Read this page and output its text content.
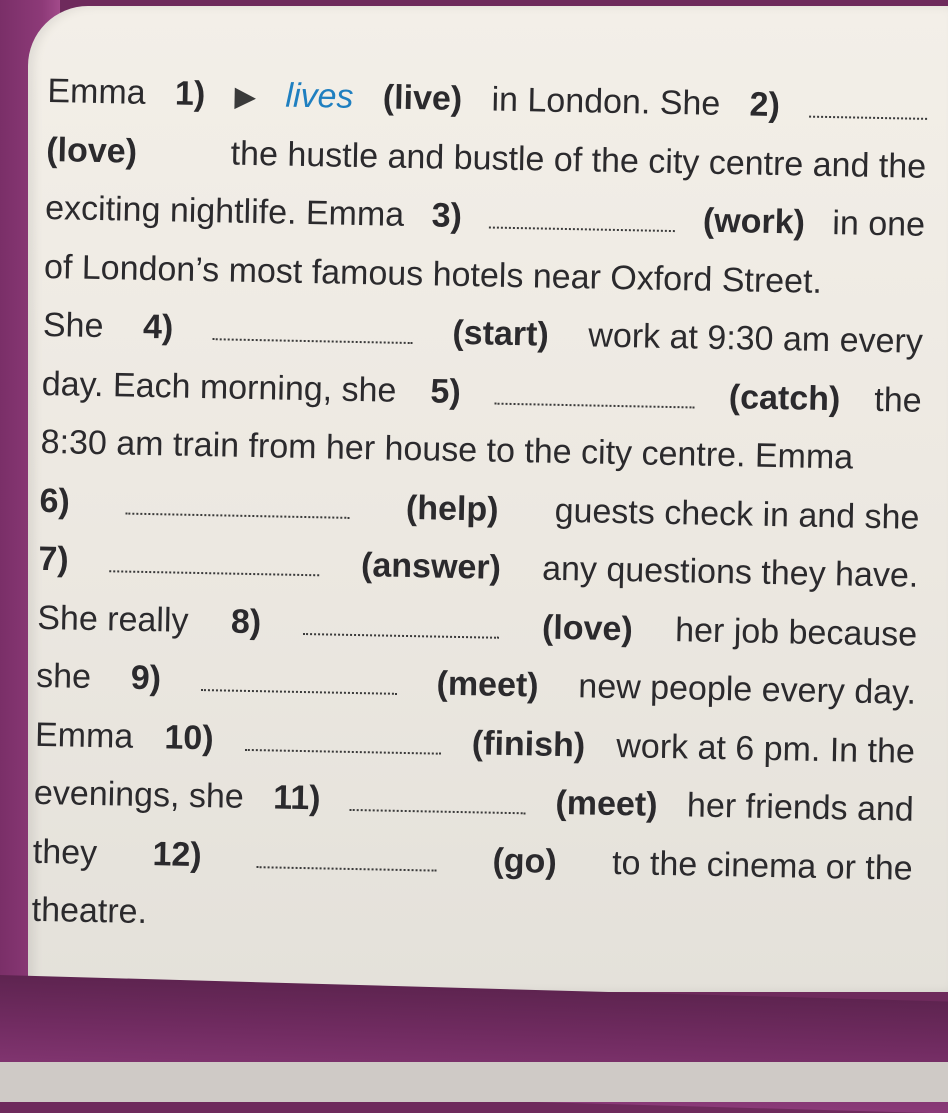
Emma 1) ▶ lives (live) in London. She 2)
(love)	the hustle and bustle of the city centre and the
exciting nightlife. Emma 3)	(work) in one
of London’s most famous hotels near Oxford Street.
She 4)	(start) work at 9:30 am every
day. Each morning, she 5)	(catch) the
8:30 am train from her house to the city centre. Emma
6)	(help) guests check in and she
7)	(answer) any questions they have.
She really 8)	(love) her job because
she 9)	(meet) new people every day.
Emma 10)	(finish) work at 6 pm. In the
evenings, she 11)	(meet) her friends and
they 12)	(go) to the cinema or the
theatre.
